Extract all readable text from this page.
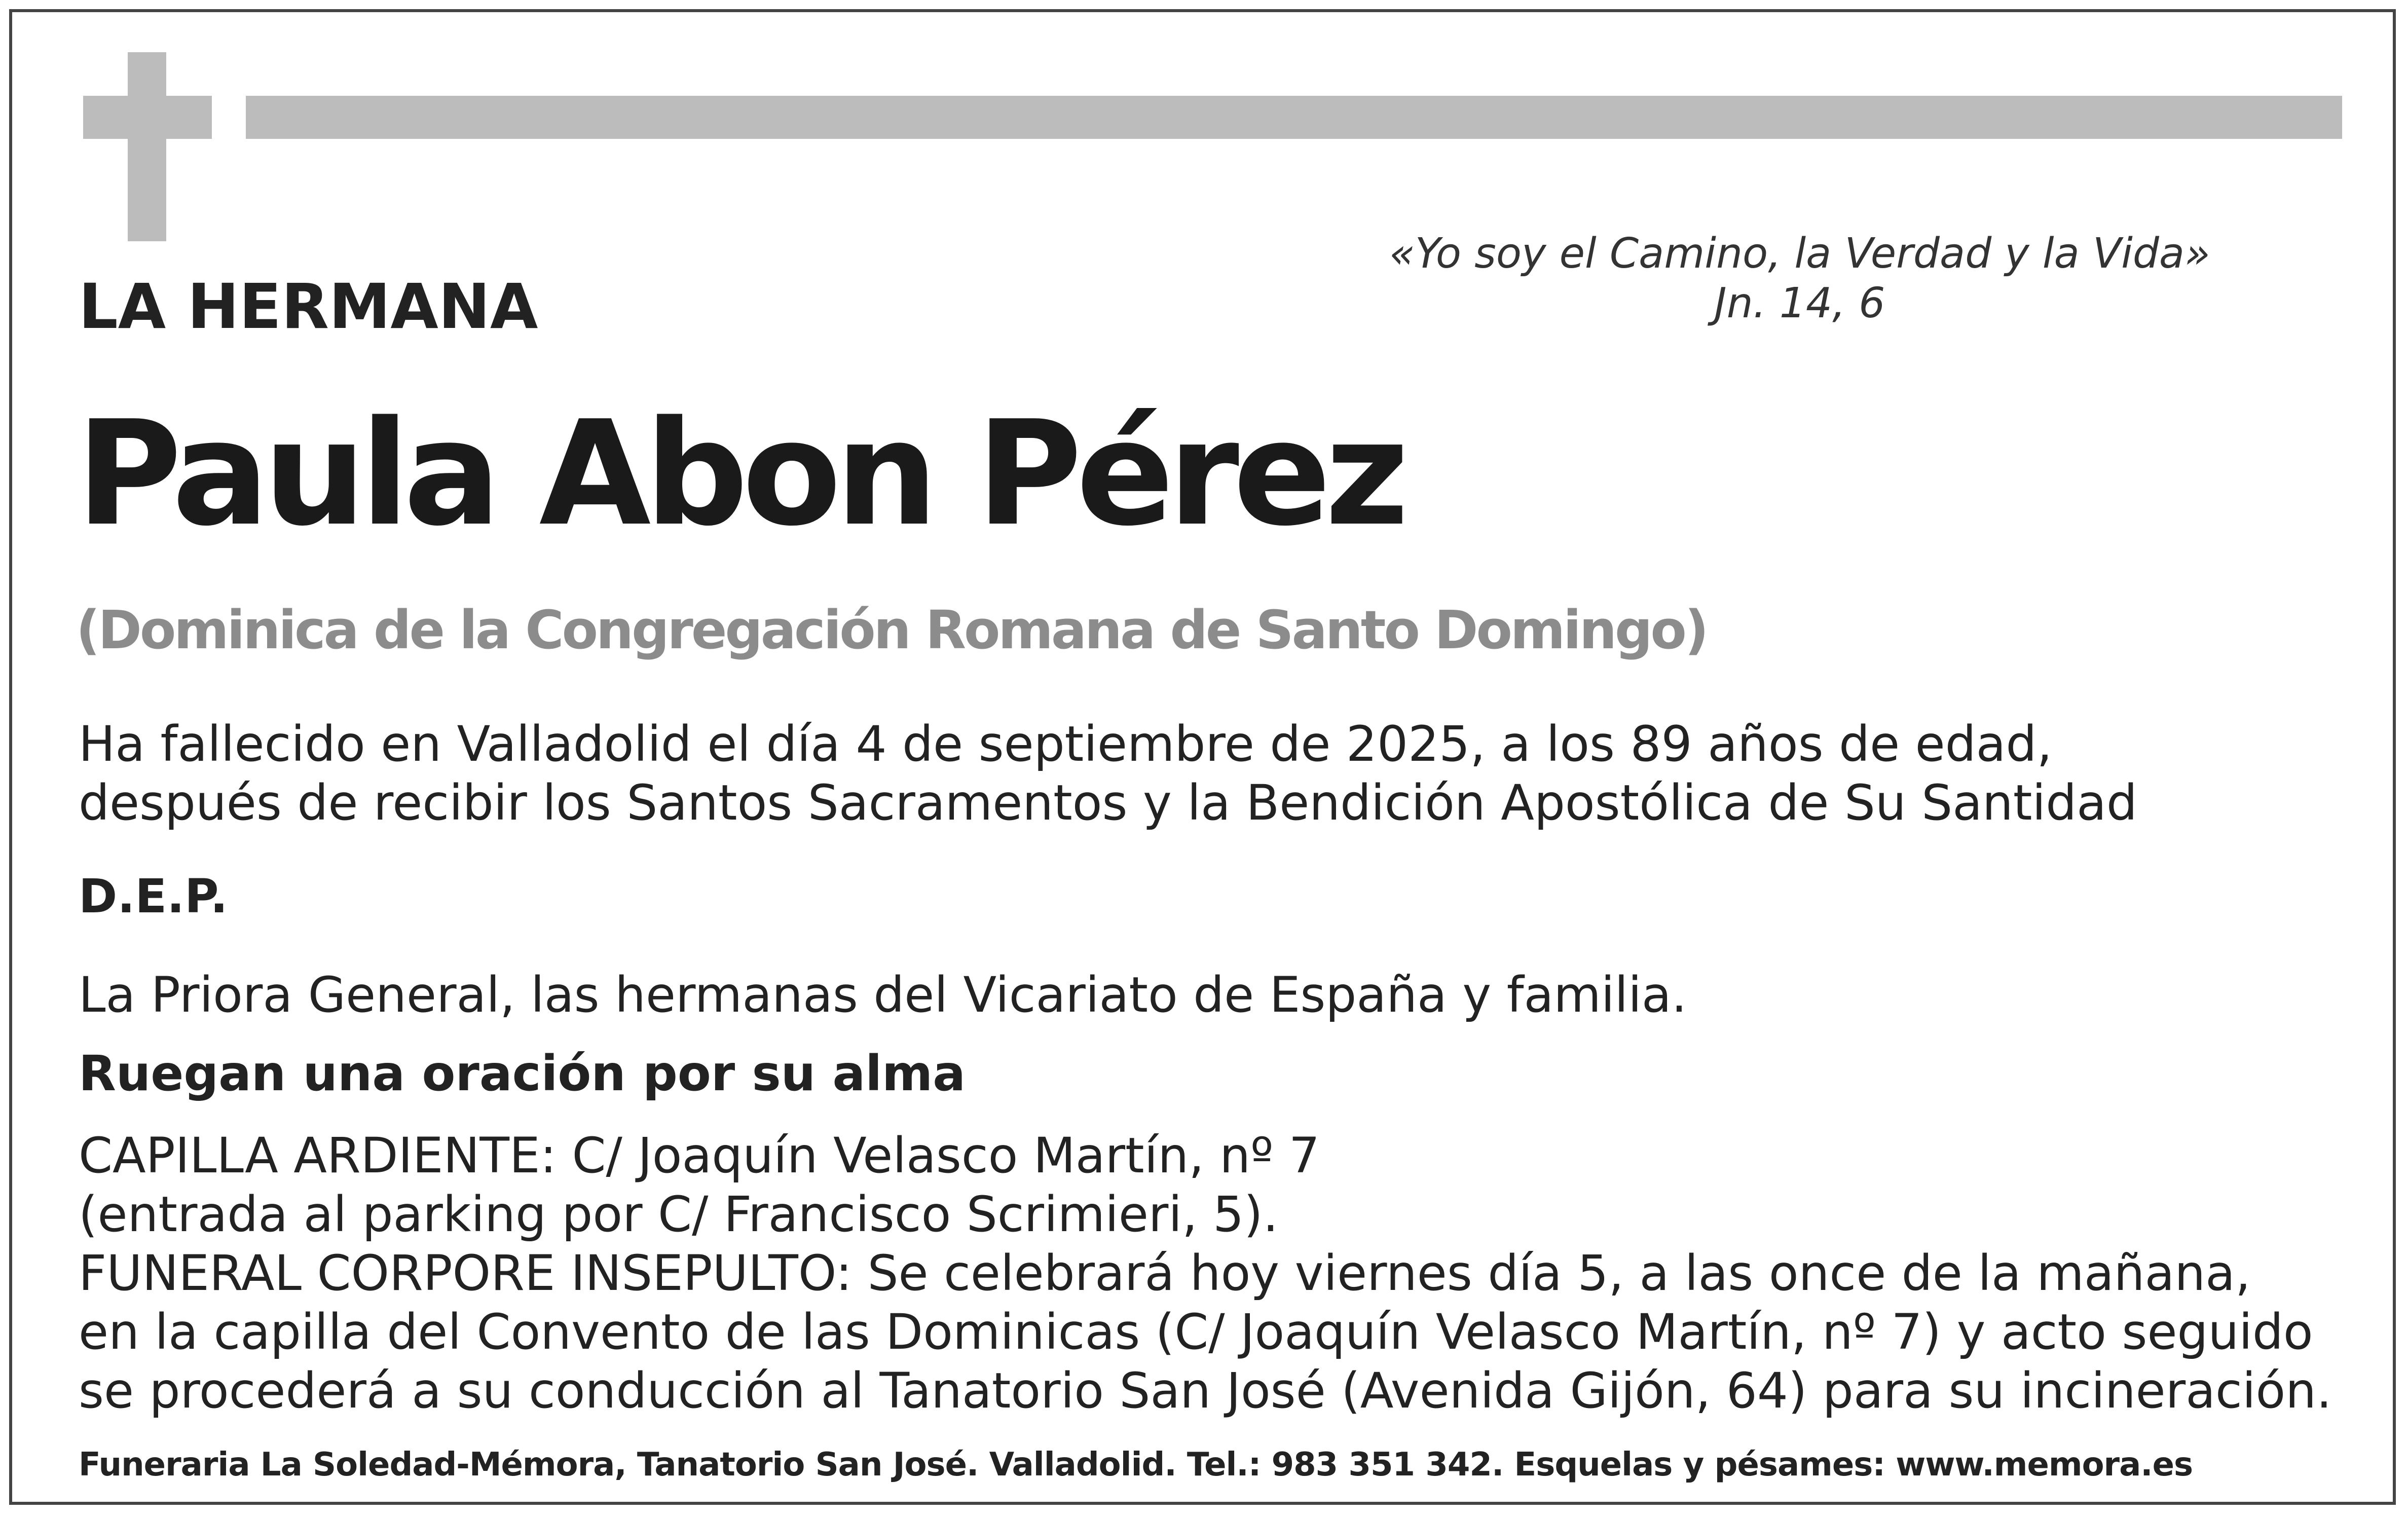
«Yo soy el Camino, la Verdad y la Vida»
Jn. 14, 6
LA HERMANA
Paula Abon Pérez
(Dominica de la Congregación Romana de Santo Domingo)
Ha fallecido en Valladolid el día 4 de septiembre de 2025, a los 89 años de edad,
después de recibir los Santos Sacramentos y la Bendición Apostólica de Su Santidad
D.E.P.
La Priora General, las hermanas del Vicariato de España y familia.
Ruegan una oración por su alma
CAPILLA ARDIENTE: C/ Joaquín Velasco Martín, nº 7
(entrada al parking por C/ Francisco Scrimieri, 5).
FUNERAL CORPORE INSEPULTO: Se celebrará hoy viernes día 5, a las once de la mañana,
en la capilla del Convento de las Dominicas (C/ Joaquín Velasco Martín, nº 7) y acto seguido
se procederá a su conducción al Tanatorio San José (Avenida Gijón, 64) para su incineración.
Funeraria La Soledad-Mémora, Tanatorio San José. Valladolid. Tel.: 983 351 342. Esquelas y pésames: www.memora.es
